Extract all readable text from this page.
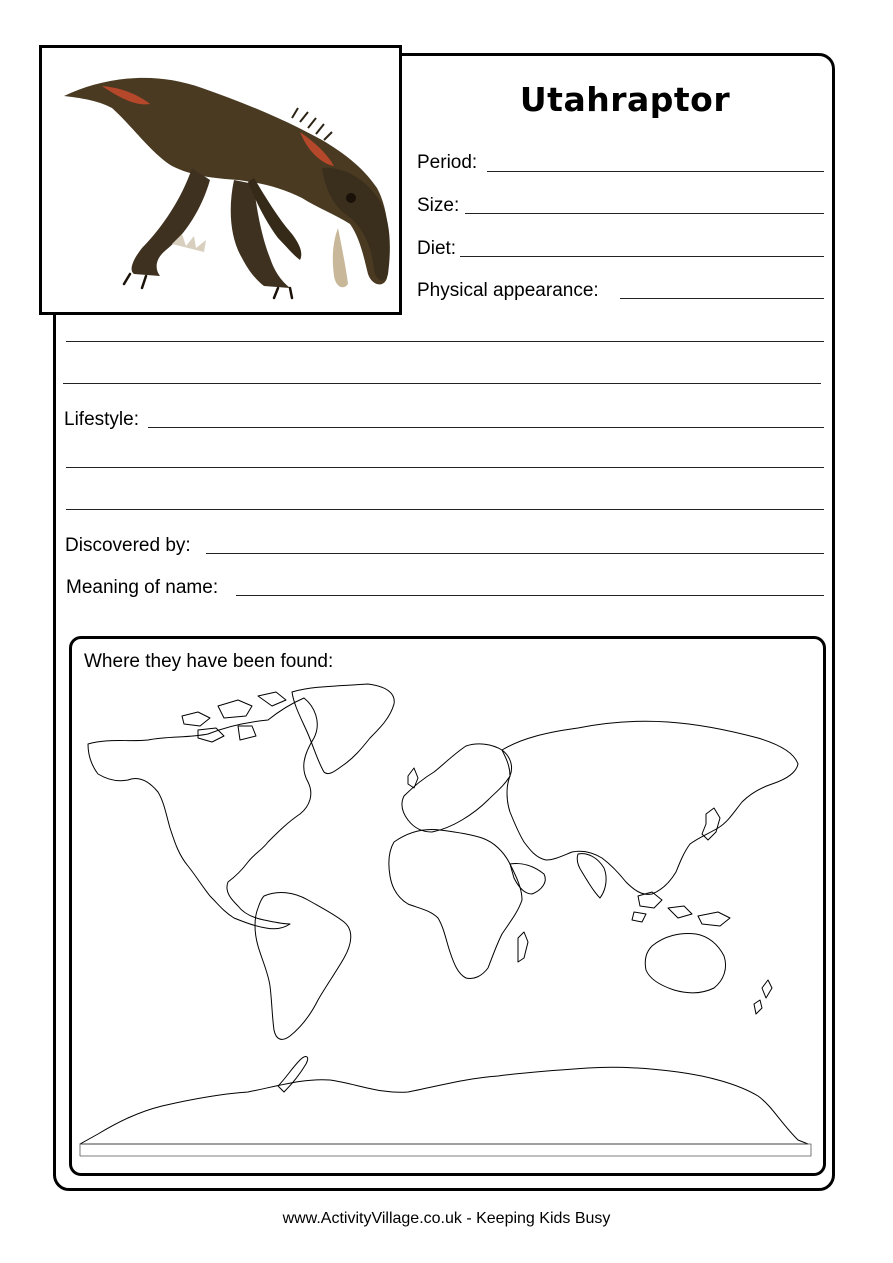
Utahraptor
Period:
Size:
Diet:
Physical appearance:
Lifestyle:
Discovered by:
Meaning of name:
Where they have been found:
www.ActivityVillage.co.uk - Keeping Kids Busy
